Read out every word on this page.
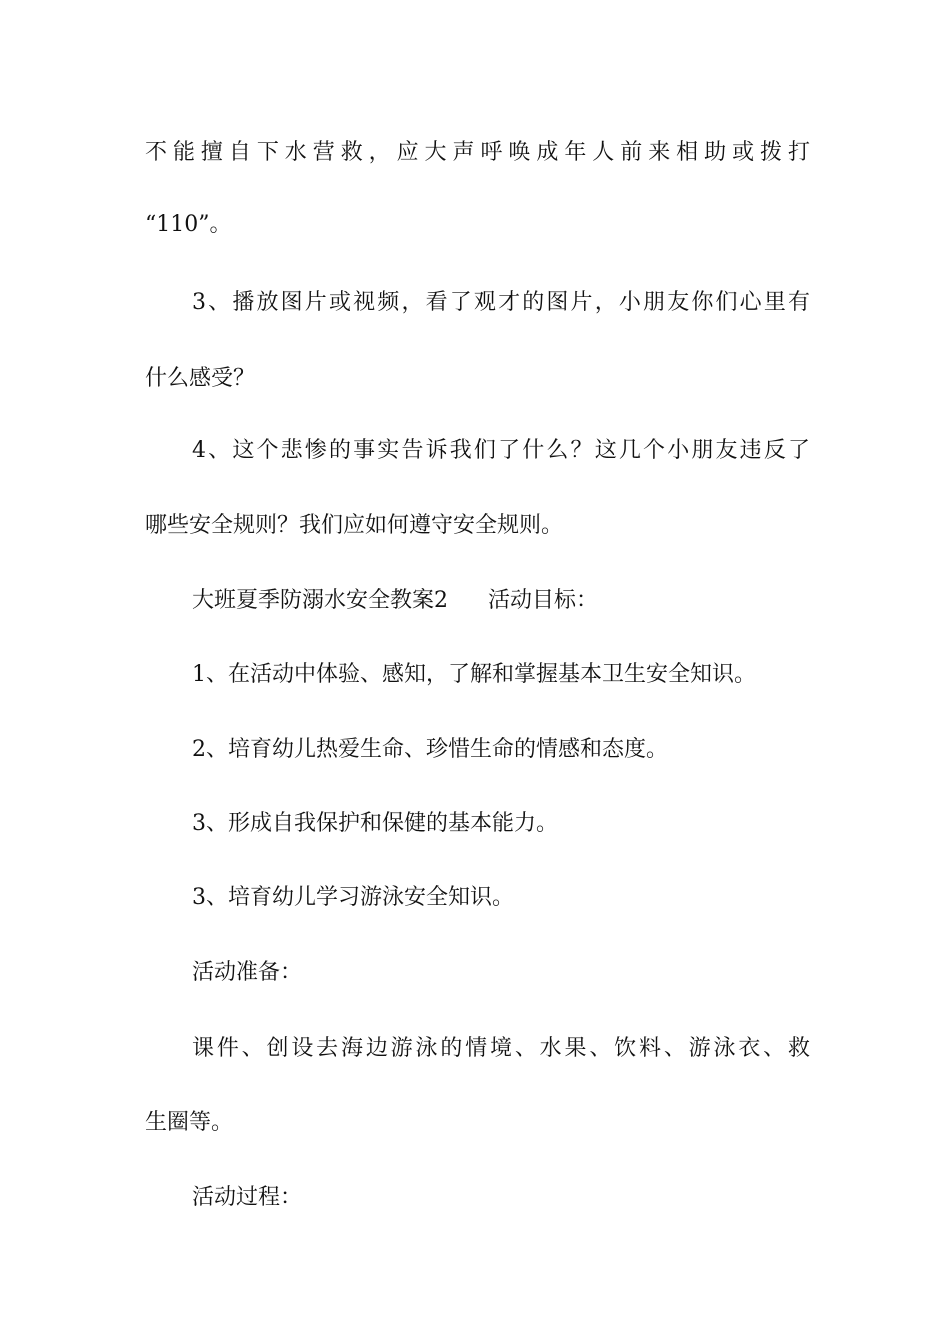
不能擅自下水营救，应大声呼唤成年人前来相助或拨打
“110”。
3、播放图片或视频，看了观才的图片，小朋友你们心里有
什么感受？
4、这个悲惨的事实告诉我们了什么？这几个小朋友违反了
哪些安全规则？我们应如何遵守安全规则。
大班夏季防溺水安全教案2 活动目标：
1、在活动中体验、感知，了解和掌握基本卫生安全知识。
2、培育幼儿热爱生命、珍惜生命的情感和态度。
3、形成自我保护和保健的基本能力。
3、培育幼儿学习游泳安全知识。
活动准备：
课件、创设去海边游泳的情境、水果、饮料、游泳衣、救
生圈等。
活动过程：
